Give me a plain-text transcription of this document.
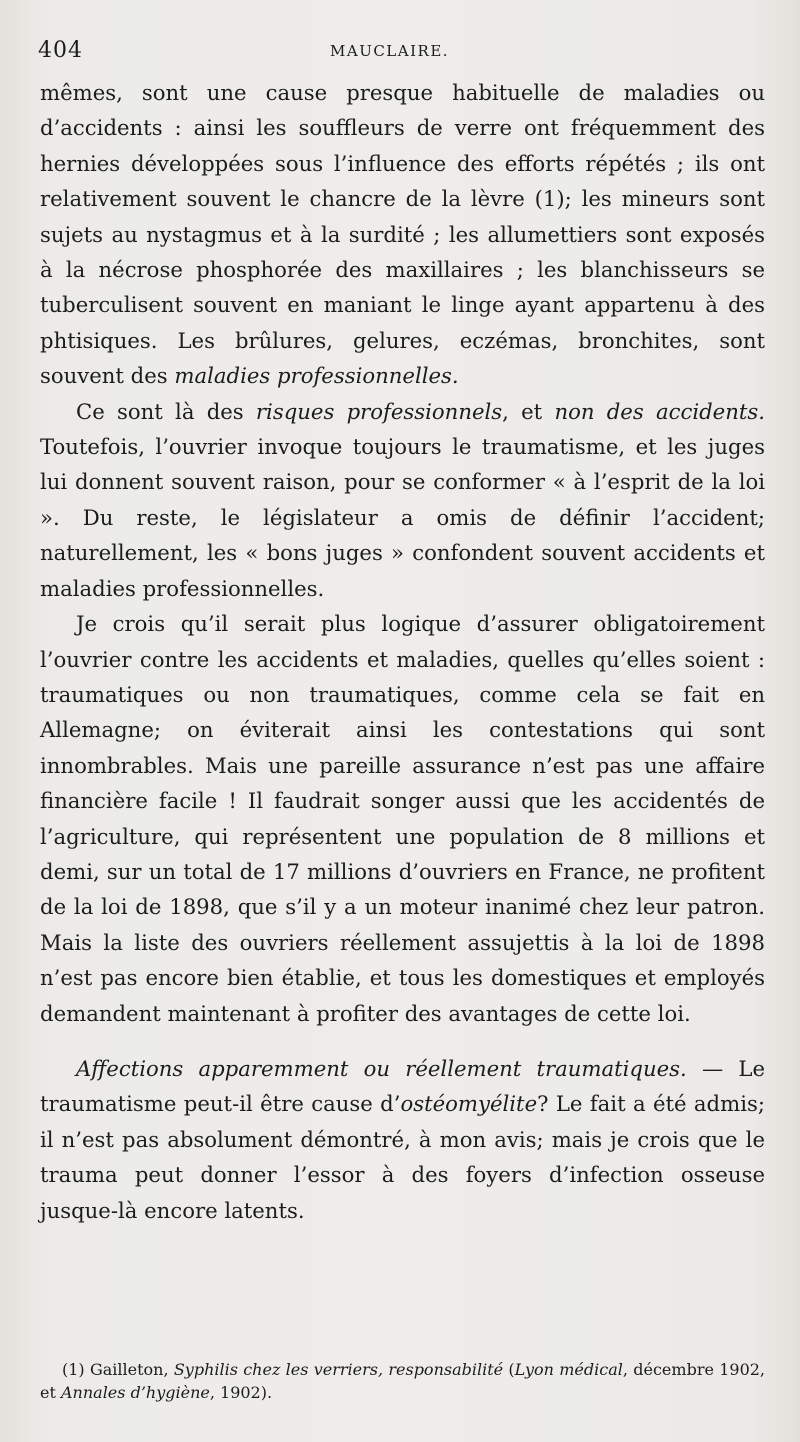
404	MAUCLAIRE.

mêmes, sont une cause presque habituelle de maladies ou d’accidents : ainsi les souffleurs de verre ont fréquemment des hernies développées sous l’influence des efforts répétés ; ils ont relativement souvent le chancre de la lèvre (1); les mineurs sont sujets au nystagmus et à la surdité ; les allumettiers sont exposés à la nécrose phosphorée des maxillaires ; les blanchisseurs se tuberculisent souvent en maniant le linge ayant appartenu à des phtisiques. Les brûlures, gelures, eczémas, bronchites, sont souvent des maladies professionnelles.

Ce sont là des risques professionnels, et non des accidents. Toutefois, l’ouvrier invoque toujours le traumatisme, et les juges lui donnent souvent raison, pour se conformer « à l’esprit de la loi ». Du reste, le législateur a omis de définir l’accident; naturellement, les « bons juges » confondent souvent accidents et maladies professionnelles.

Je crois qu’il serait plus logique d’assurer obligatoirement l’ouvrier contre les accidents et maladies, quelles qu’elles soient : traumatiques ou non traumatiques, comme cela se fait en Allemagne; on éviterait ainsi les contestations qui sont innombrables. Mais une pareille assurance n’est pas une affaire financière facile ! Il faudrait songer aussi que les accidentés de l’agriculture, qui représentent une population de 8 millions et demi, sur un total de 17 millions d’ouvriers en France, ne profitent de la loi de 1898, que s’il y a un moteur inanimé chez leur patron. Mais la liste des ouvriers réellement assujettis à la loi de 1898 n’est pas encore bien établie, et tous les domestiques et employés demandent maintenant à profiter des avantages de cette loi.

Affections apparemment ou réellement traumatiques. — Le traumatisme peut-il être cause d’ostéomyélite? Le fait a été admis; il n’est pas absolument démontré, à mon avis; mais je crois que le trauma peut donner l’essor à des foyers d’infection osseuse jusque-là encore latents.

(1) Gailleton, Syphilis chez les verriers, responsabilité (Lyon médical, décembre 1902, et Annales d’hygiène, 1902).
